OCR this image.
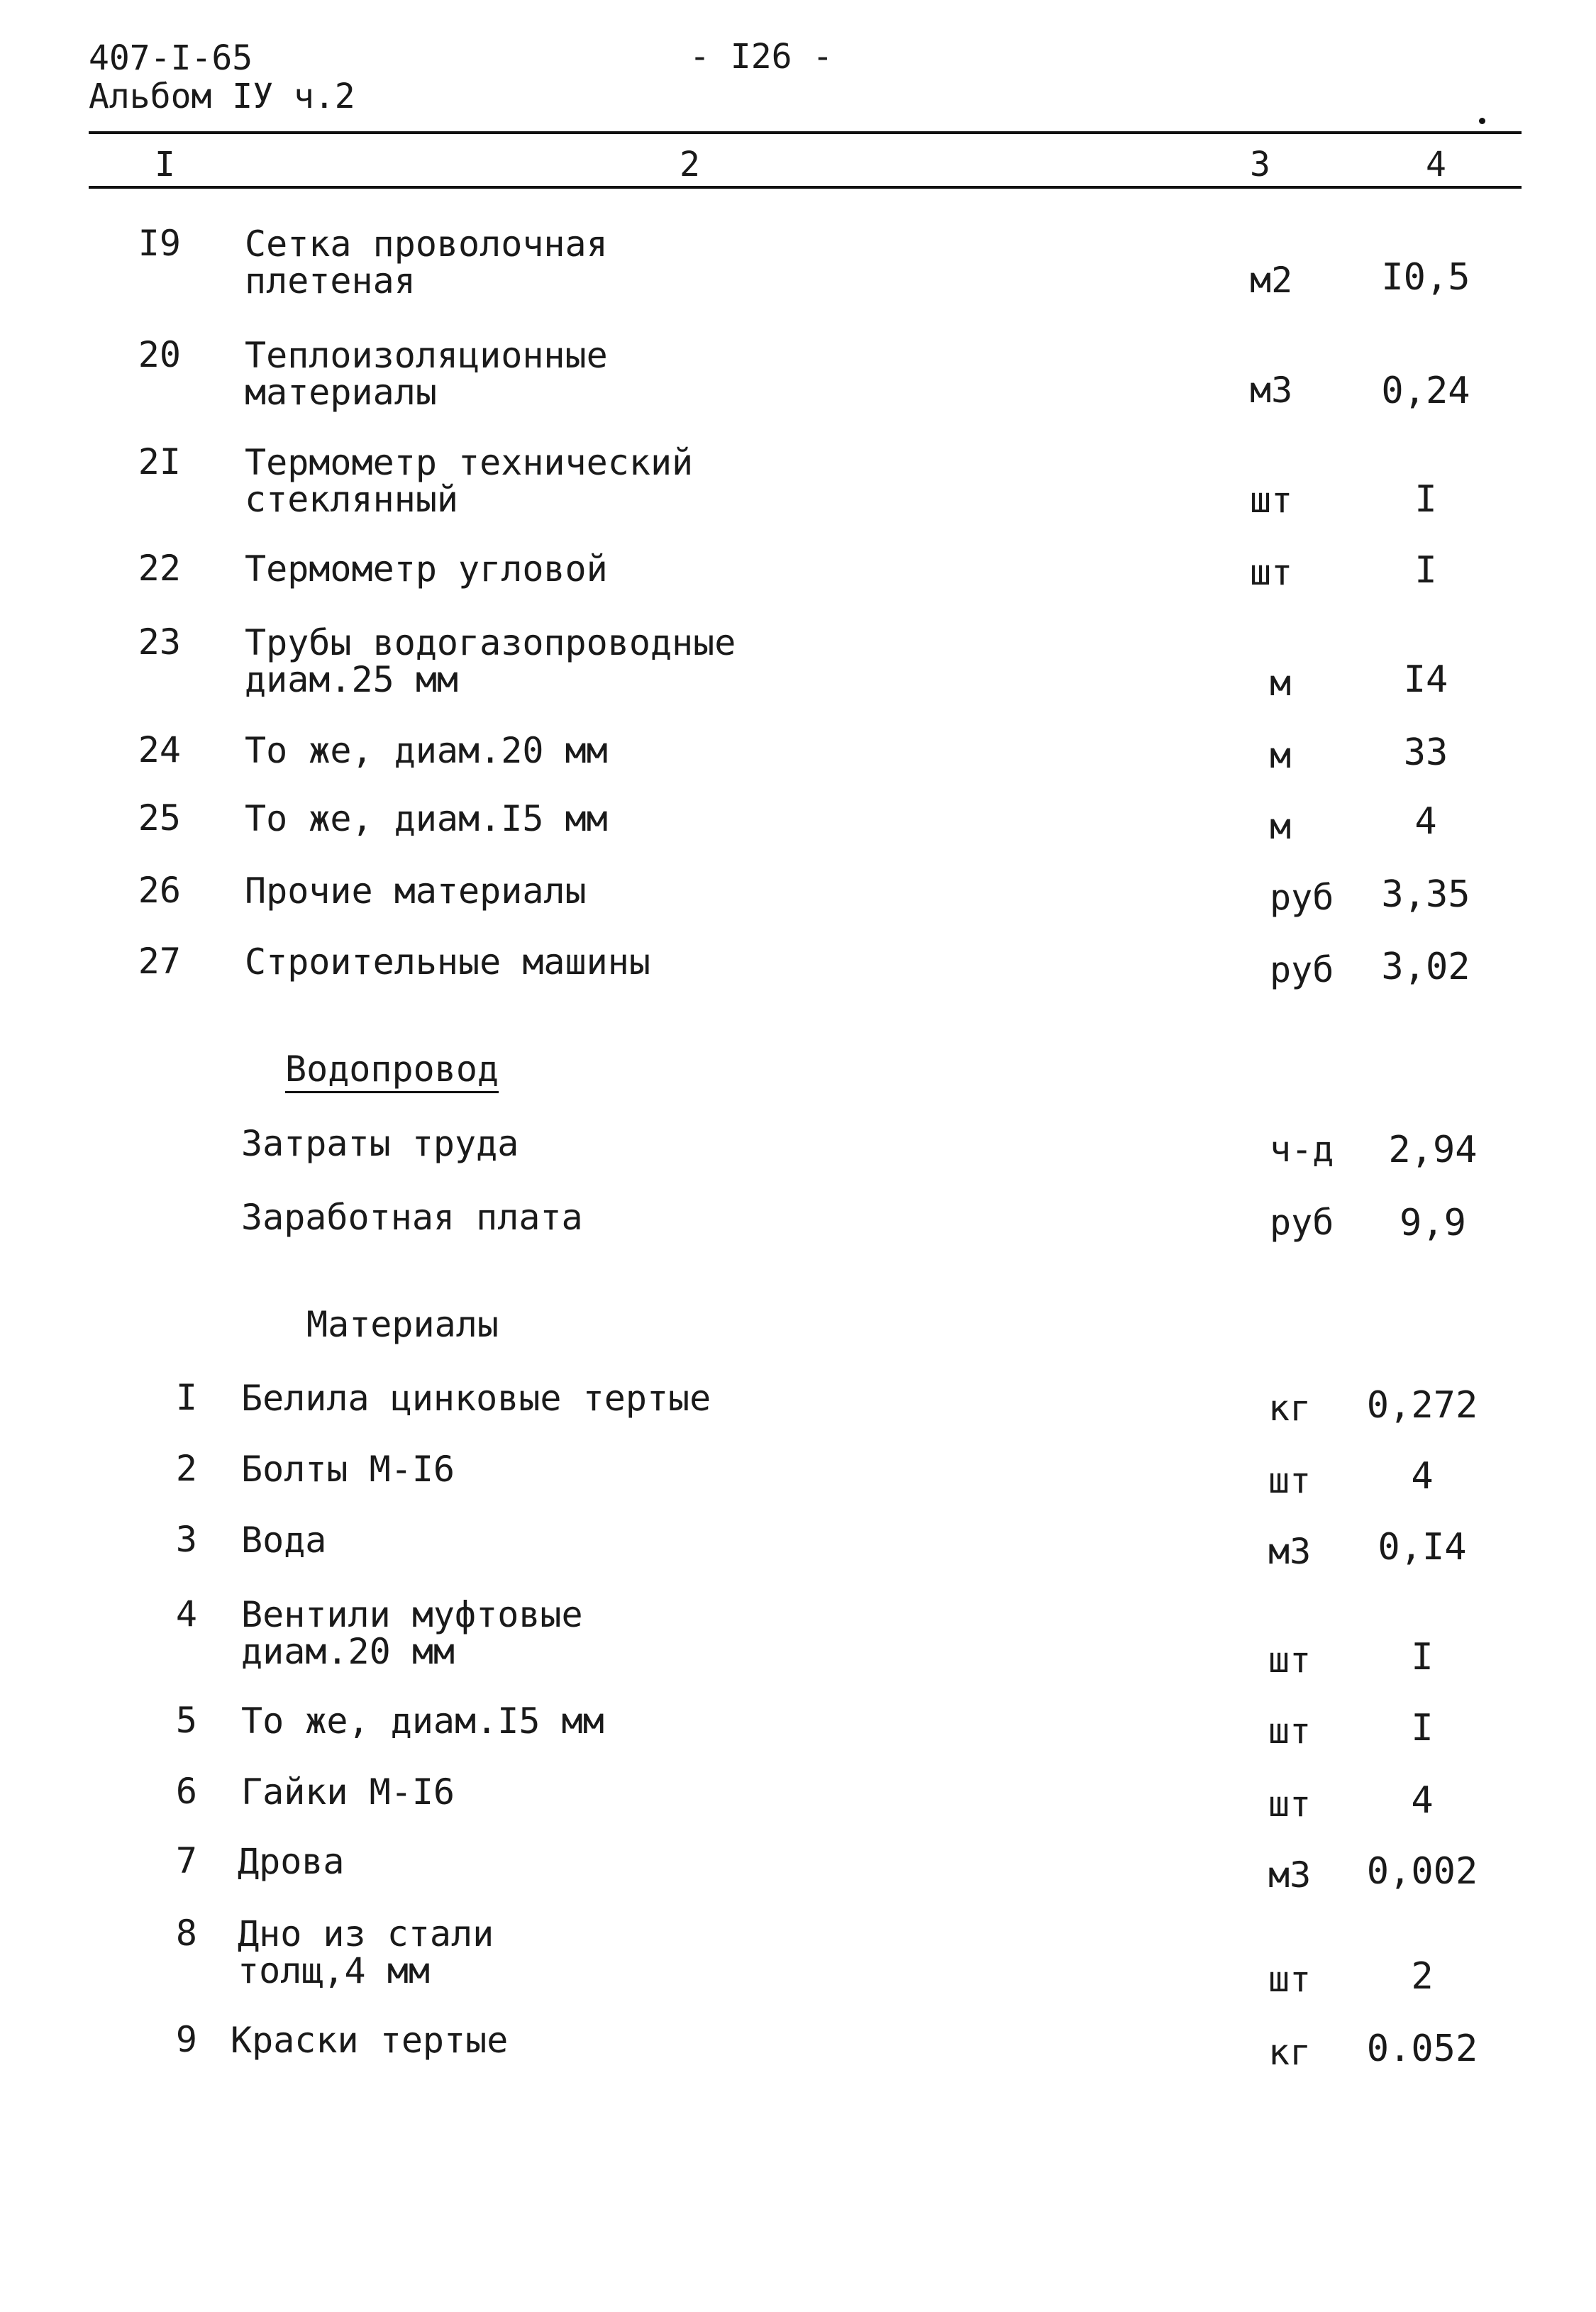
407-I-65
Альбом IУ ч.2
- I26 -
I	2	3	4
I9 Сетка проволочная
плетеная	м2	I0,5
20 Теплоизоляционные
материалы	м3	0,24
2I Термометр технический
стеклянный	шт	I
22 Термометр угловой	шт	I
23 Трубы водогазопроводные
диам.25 мм	м	I4
24 То же, диам.20 мм	м	33
25 То же, диам.I5 мм	м	4
26 Прочие материалы	руб	3,35
27 Строительные машины	руб	3,02
Водопровод
Затраты труда	ч-д	2,94
Заработная плата	руб	9,9
Материалы
I Белила цинковые тертые	кг	0,272
2 Болты М-I6	шт	4
3 Вода	м3	0,I4
4 Вентили муфтовые
диам.20 мм	шт	I
5 То же, диам.I5 мм	шт	I
6 Гайки М-I6	шт	4
7 Дрова	м3	0,002
8 Дно из стали
толщ,4 мм	шт	2
9 Краски тертые	кг	0.052
